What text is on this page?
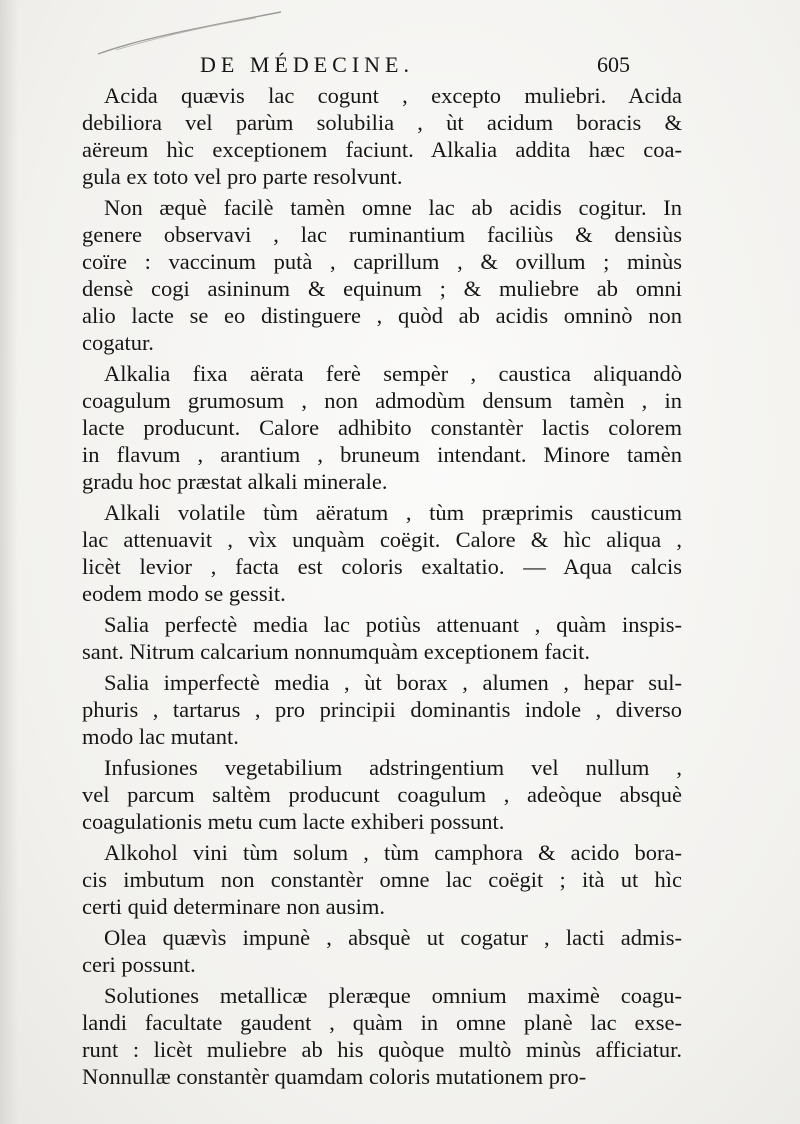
DE MÉDECINE.	605
Acida quævis lac cogunt , excepto muliebri. Acida
debiliora vel parùm solubilia , ùt acidum boracis &
aëreum hìc exceptionem faciunt. Alkalia addita hæc coa-
gula ex toto vel pro parte resolvunt.
Non æquè facilè tamèn omne lac ab acidis cogitur. In
genere observavi , lac ruminantium faciliùs & densiùs
coïre : vaccinum putà , caprillum , & ovillum ; minùs
densè cogi asininum & equinum ; & muliebre ab omni
alio lacte se eo distinguere , quòd ab acidis omninò non
cogatur.
Alkalia fixa aërata ferè sempèr , caustica aliquandò
coagulum grumosum , non admodùm densum tamèn , in
lacte producunt. Calore adhibito constantèr lactis colorem
in flavum , arantium , bruneum intendant. Minore tamèn
gradu hoc præstat alkali minerale.
Alkali volatile tùm aëratum , tùm præprimis causticum
lac attenuavit , vìx unquàm coëgit. Calore & hìc aliqua ,
licèt levior , facta est coloris exaltatio. — Aqua calcis
eodem modo se gessit.
Salia perfectè media lac potiùs attenuant , quàm inspis-
sant. Nitrum calcarium nonnumquàm exceptionem facit.
Salia imperfectè media , ùt borax , alumen , hepar sul-
phuris , tartarus , pro principii dominantis indole , diverso
modo lac mutant.
Infusiones vegetabilium adstringentium vel nullum ,
vel parcum saltèm producunt coagulum , adeòque absquè
coagulationis metu cum lacte exhiberi possunt.
Alkohol vini tùm solum , tùm camphora & acido bora-
cis imbutum non constantèr omne lac coëgit ; ità ut hìc
certi quid determinare non ausim.
Olea quævìs impunè , absquè ut cogatur , lacti admis-
ceri possunt.
Solutiones metallicæ pleræque omnium maximè coagu-
landi facultate gaudent , quàm in omne planè lac exse-
runt : licèt muliebre ab his quòque multò minùs afficiatur.
Nonnullæ constantèr quamdam coloris mutationem pro-
